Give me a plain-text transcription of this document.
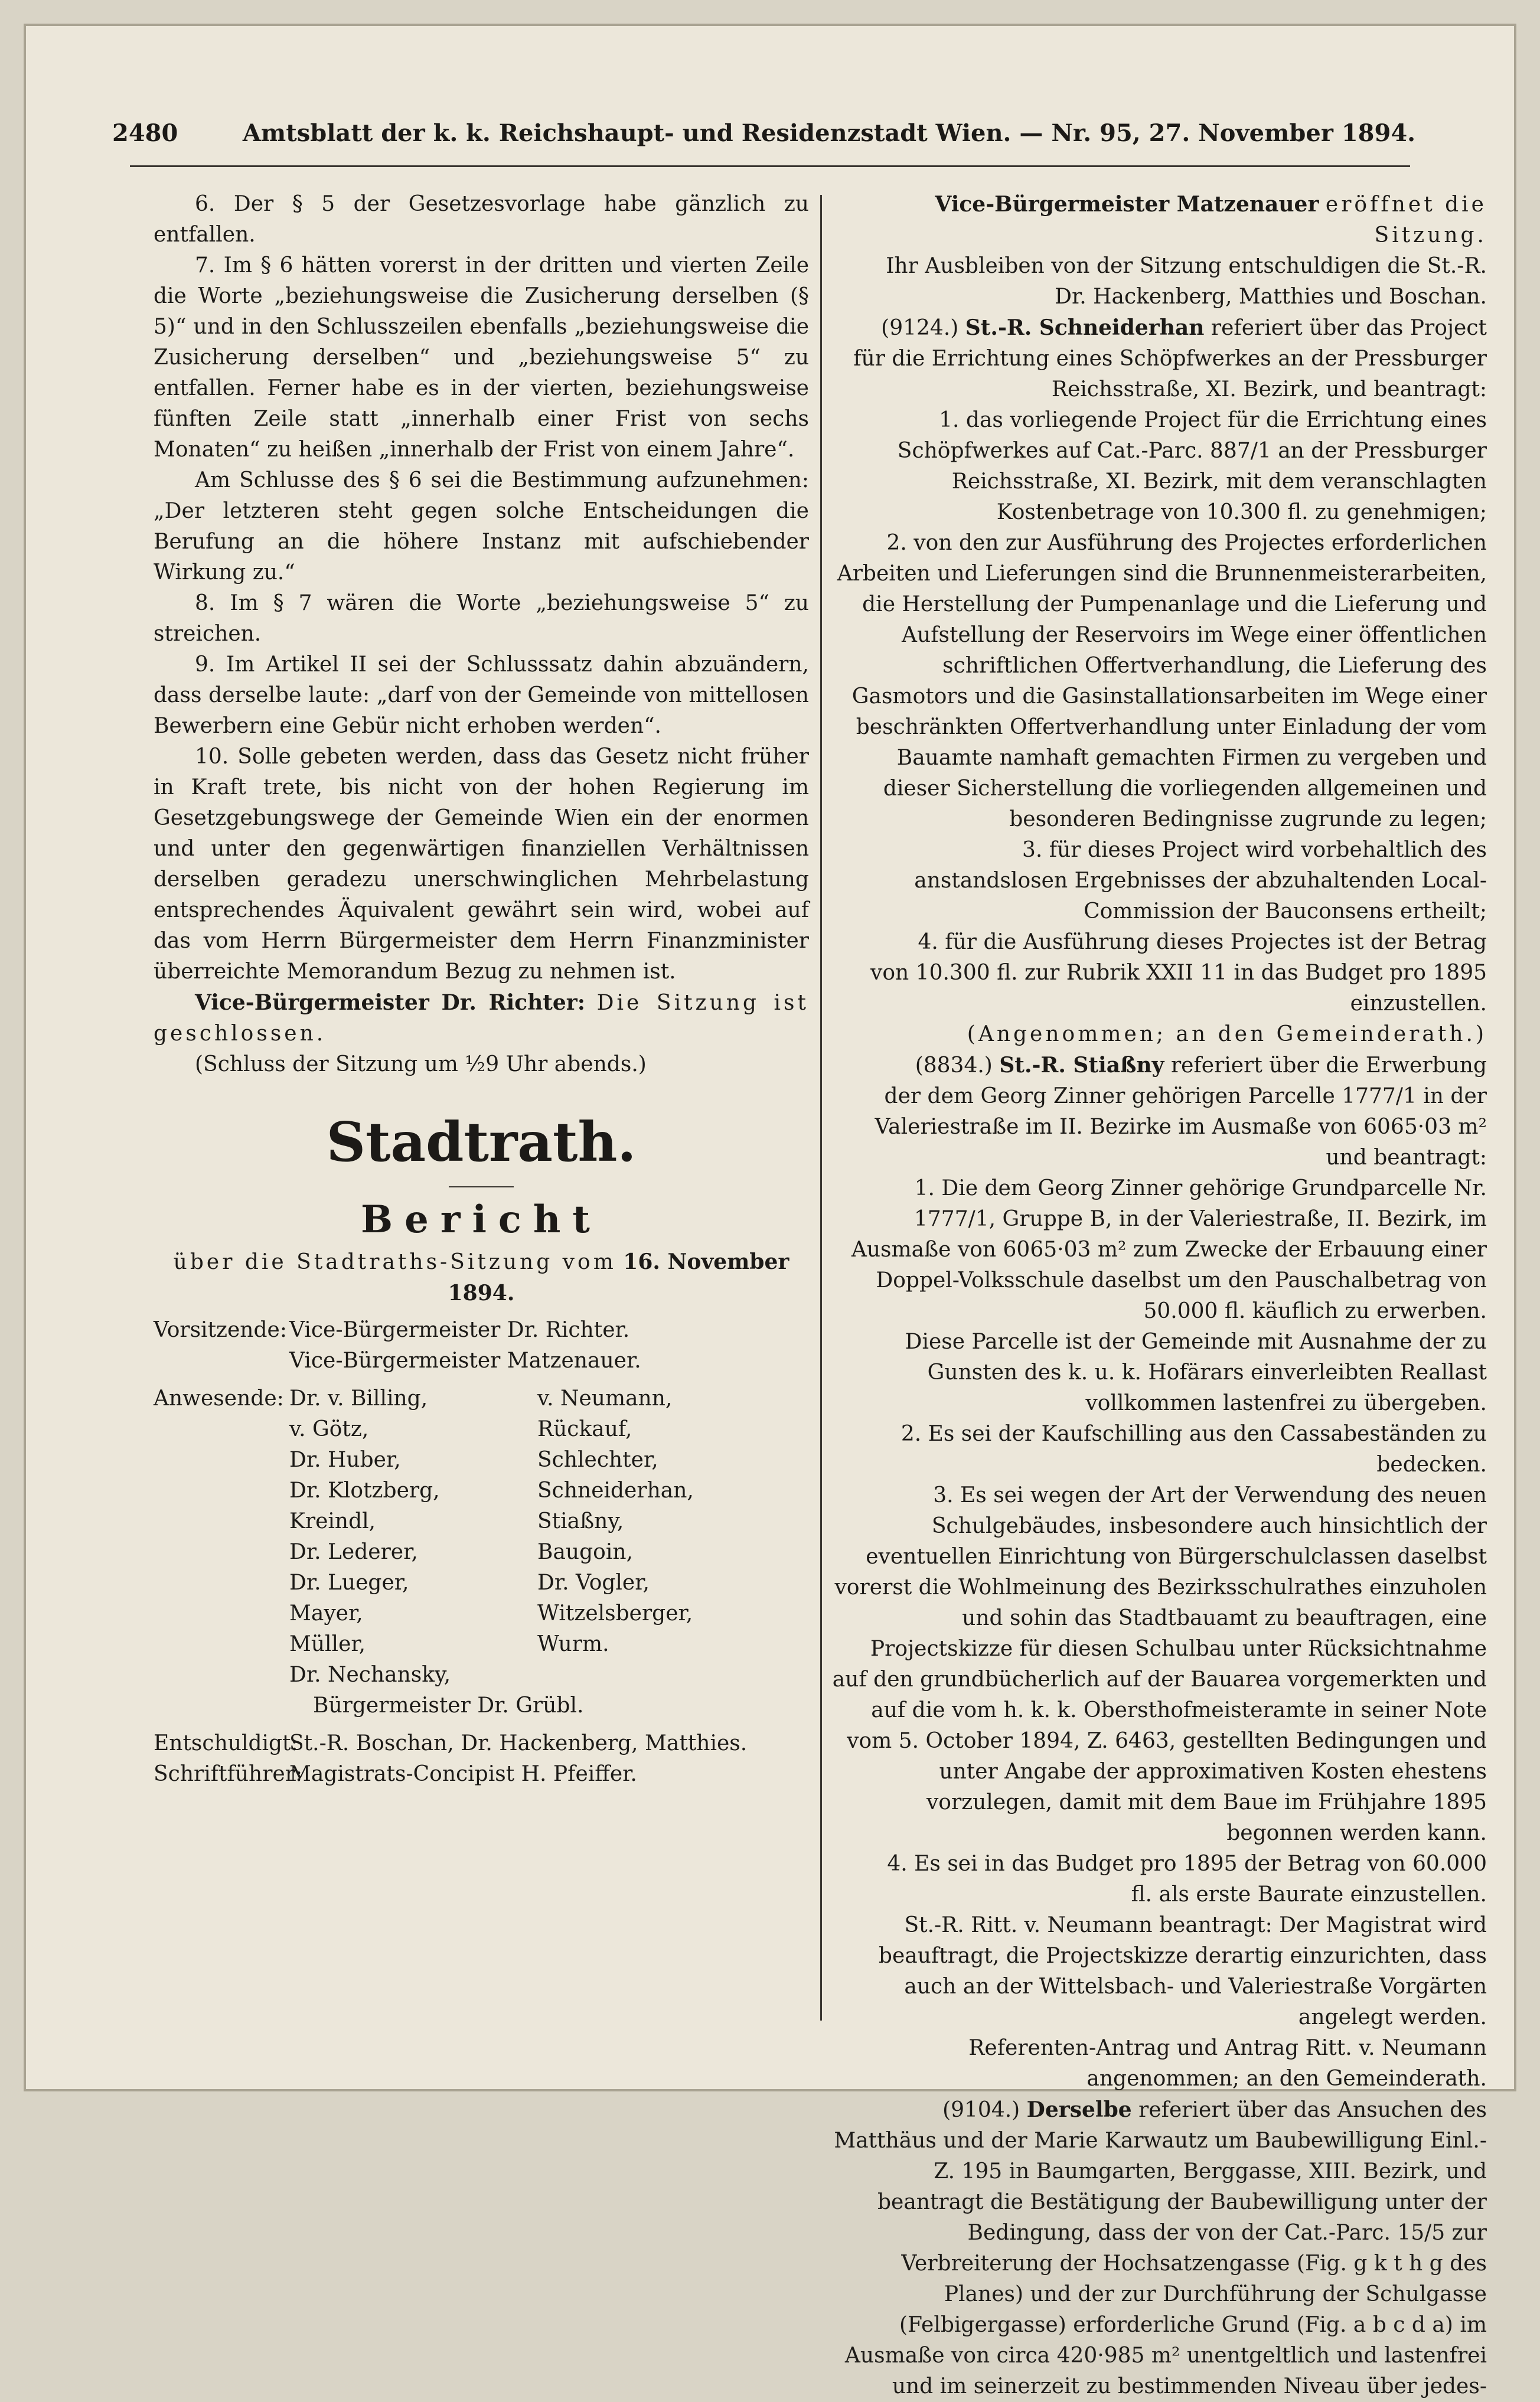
2480	Amtsblatt der k. k. Reichshaupt- und Residenzstadt Wien. — Nr. 95, 27. November 1894.

6. Der § 5 der Gesetzesvorlage habe gänzlich zu entfallen.

7. Im § 6 hätten vorerst in der dritten und vierten Zeile die Worte „beziehungsweise die Zusicherung derselben (§ 5)“ und in den Schlusszeilen ebenfalls „beziehungsweise die Zusicherung derselben“ und „beziehungsweise 5“ zu entfallen. Ferner habe es in der vierten, beziehungsweise fünften Zeile statt „innerhalb einer Frist von sechs Monaten“ zu heißen „innerhalb der Frist von einem Jahre“.

Am Schlusse des § 6 sei die Bestimmung aufzunehmen: „Der letzteren steht gegen solche Entscheidungen die Berufung an die höhere Instanz mit aufschiebender Wirkung zu.“

8. Im § 7 wären die Worte „beziehungsweise 5“ zu streichen.

9. Im Artikel II sei der Schlusssatz dahin abzuändern, dass derselbe laute: „darf von der Gemeinde von mittellosen Bewerbern eine Gebür nicht erhoben werden“.

10. Solle gebeten werden, dass das Gesetz nicht früher in Kraft trete, bis nicht von der hohen Regierung im Gesetzgebungswege der Gemeinde Wien ein der enormen und unter den gegenwärtigen finanziellen Verhältnissen derselben geradezu unerschwinglichen Mehrbelastung entsprechendes Äquivalent gewährt sein wird, wobei auf das vom Herrn Bürgermeister dem Herrn Finanzminister überreichte Memorandum Bezug zu nehmen ist.

Vice-Bürgermeister Dr. Richter: Die Sitzung ist geschlossen.

(Schluss der Sitzung um ½9 Uhr abends.)

Stadtrath.
Bericht

über die Stadtraths-Sitzung vom 16. November 1894.

Vorsitzende: Vice-Bürgermeister Dr. Richter.
Vice-Bürgermeister Matzenauer.
Anwesende: Dr. v. Billing,	v. Neumann,
v. Götz,	Rückauf,
Dr. Huber,	Schlechter,
Dr. Klotzberg,	Schneiderhan,
Kreindl,	Stiaßny,
Dr. Lederer,	Baugoin,
Dr. Lueger,	Dr. Vogler,
Mayer,	Witzelsberger,
Müller,	Wurm.
Dr. Nechansky,
Bürgermeister Dr. Grübl.
Entschuldigt:
St.-R. Boschan, Dr. Hackenberg, Matthies.
Schriftführer:
Magistrats-Concipist H. Pfeiffer.

Vice-Bürgermeister Matzenauer eröffnet die Sitzung.

Ihr Ausbleiben von der Sitzung entschuldigen die St.-R. Dr. Hackenberg, Matthies und Boschan.

(9124.) St.-R. Schneiderhan referiert über das Project für die Errichtung eines Schöpfwerkes an der Pressburger Reichsstraße, XI. Bezirk, und beantragt:

1. das vorliegende Project für die Errichtung eines Schöpfwerkes auf Cat.-Parc. 887/1 an der Pressburger Reichsstraße, XI. Bezirk, mit dem veranschlagten Kostenbetrage von 10.300 fl. zu genehmigen;

2. von den zur Ausführung des Projectes erforderlichen Arbeiten und Lieferungen sind die Brunnenmeisterarbeiten, die Herstellung der Pumpenanlage und die Lieferung und Aufstellung der Reservoirs im Wege einer öffentlichen schriftlichen Offertverhandlung, die Lieferung des Gasmotors und die Gasinstallationsarbeiten im Wege einer beschränkten Offertverhandlung unter Einladung der vom Bauamte namhaft gemachten Firmen zu vergeben und dieser Sicherstellung die vorliegenden allgemeinen und besonderen Bedingnisse zugrunde zu legen;

3. für dieses Project wird vorbehaltlich des anstandslosen Ergebnisses der abzuhaltenden Local-Commission der Bauconsens ertheilt;

4. für die Ausführung dieses Projectes ist der Betrag von 10.300 fl. zur Rubrik XXII 11 in das Budget pro 1895 einzustellen.

(Angenommen; an den Gemeinderath.)

(8834.) St.-R. Stiaßny referiert über die Erwerbung der dem Georg Zinner gehörigen Parcelle 1777/1 in der Valeriestraße im II. Bezirke im Ausmaße von 6065·03 m² und beantragt:

1. Die dem Georg Zinner gehörige Grundparcelle Nr. 1777/1, Gruppe B, in der Valeriestraße, II. Bezirk, im Ausmaße von 6065·03 m² zum Zwecke der Erbauung einer Doppel-Volksschule daselbst um den Pauschalbetrag von 50.000 fl. käuflich zu erwerben.

Diese Parcelle ist der Gemeinde mit Ausnahme der zu Gunsten des k. u. k. Hofärars einverleibten Reallast vollkommen lastenfrei zu übergeben.

2. Es sei der Kaufschilling aus den Cassabeständen zu bedecken.

3. Es sei wegen der Art der Verwendung des neuen Schulgebäudes, insbesondere auch hinsichtlich der eventuellen Einrichtung von Bürgerschulclassen daselbst vorerst die Wohlmeinung des Bezirksschulrathes einzuholen und sohin das Stadtbauamt zu beauftragen, eine Projectskizze für diesen Schulbau unter Rücksichtnahme auf den grundbücherlich auf der Bauarea vorgemerkten und auf die vom h. k. k. Obersthofmeisteramte in seiner Note vom 5. October 1894, Z. 6463, gestellten Bedingungen und unter Angabe der approximativen Kosten ehestens vorzulegen, damit mit dem Baue im Frühjahre 1895 begonnen werden kann.

4. Es sei in das Budget pro 1895 der Betrag von 60.000 fl. als erste Baurate einzustellen.

St.-R. Ritt. v. Neumann beantragt: Der Magistrat wird beauftragt, die Projectskizze derartig einzurichten, dass auch an der Wittelsbach- und Valeriestraße Vorgärten angelegt werden.

Referenten-Antrag und Antrag Ritt. v. Neumann angenommen; an den Gemeinderath.

(9104.) Derselbe referiert über das Ansuchen des Matthäus und der Marie Karwautz um Baubewilligung Einl.-Z. 195 in Baumgarten, Berggasse, XIII. Bezirk, und beantragt die Bestätigung der Baubewilligung unter der Bedingung, dass der von der Cat.-Parc. 15/5 zur Verbreiterung der Hochsatzengasse (Fig. g k t h g des Planes) und der zur Durchführung der Schulgasse (Felbigergasse) erforderliche Grund (Fig. a b c d a) im Ausmaße von circa 420·985 m² unentgeltlich und lastenfrei und im seinerzeit zu bestimmenden Niveau über jedes-
